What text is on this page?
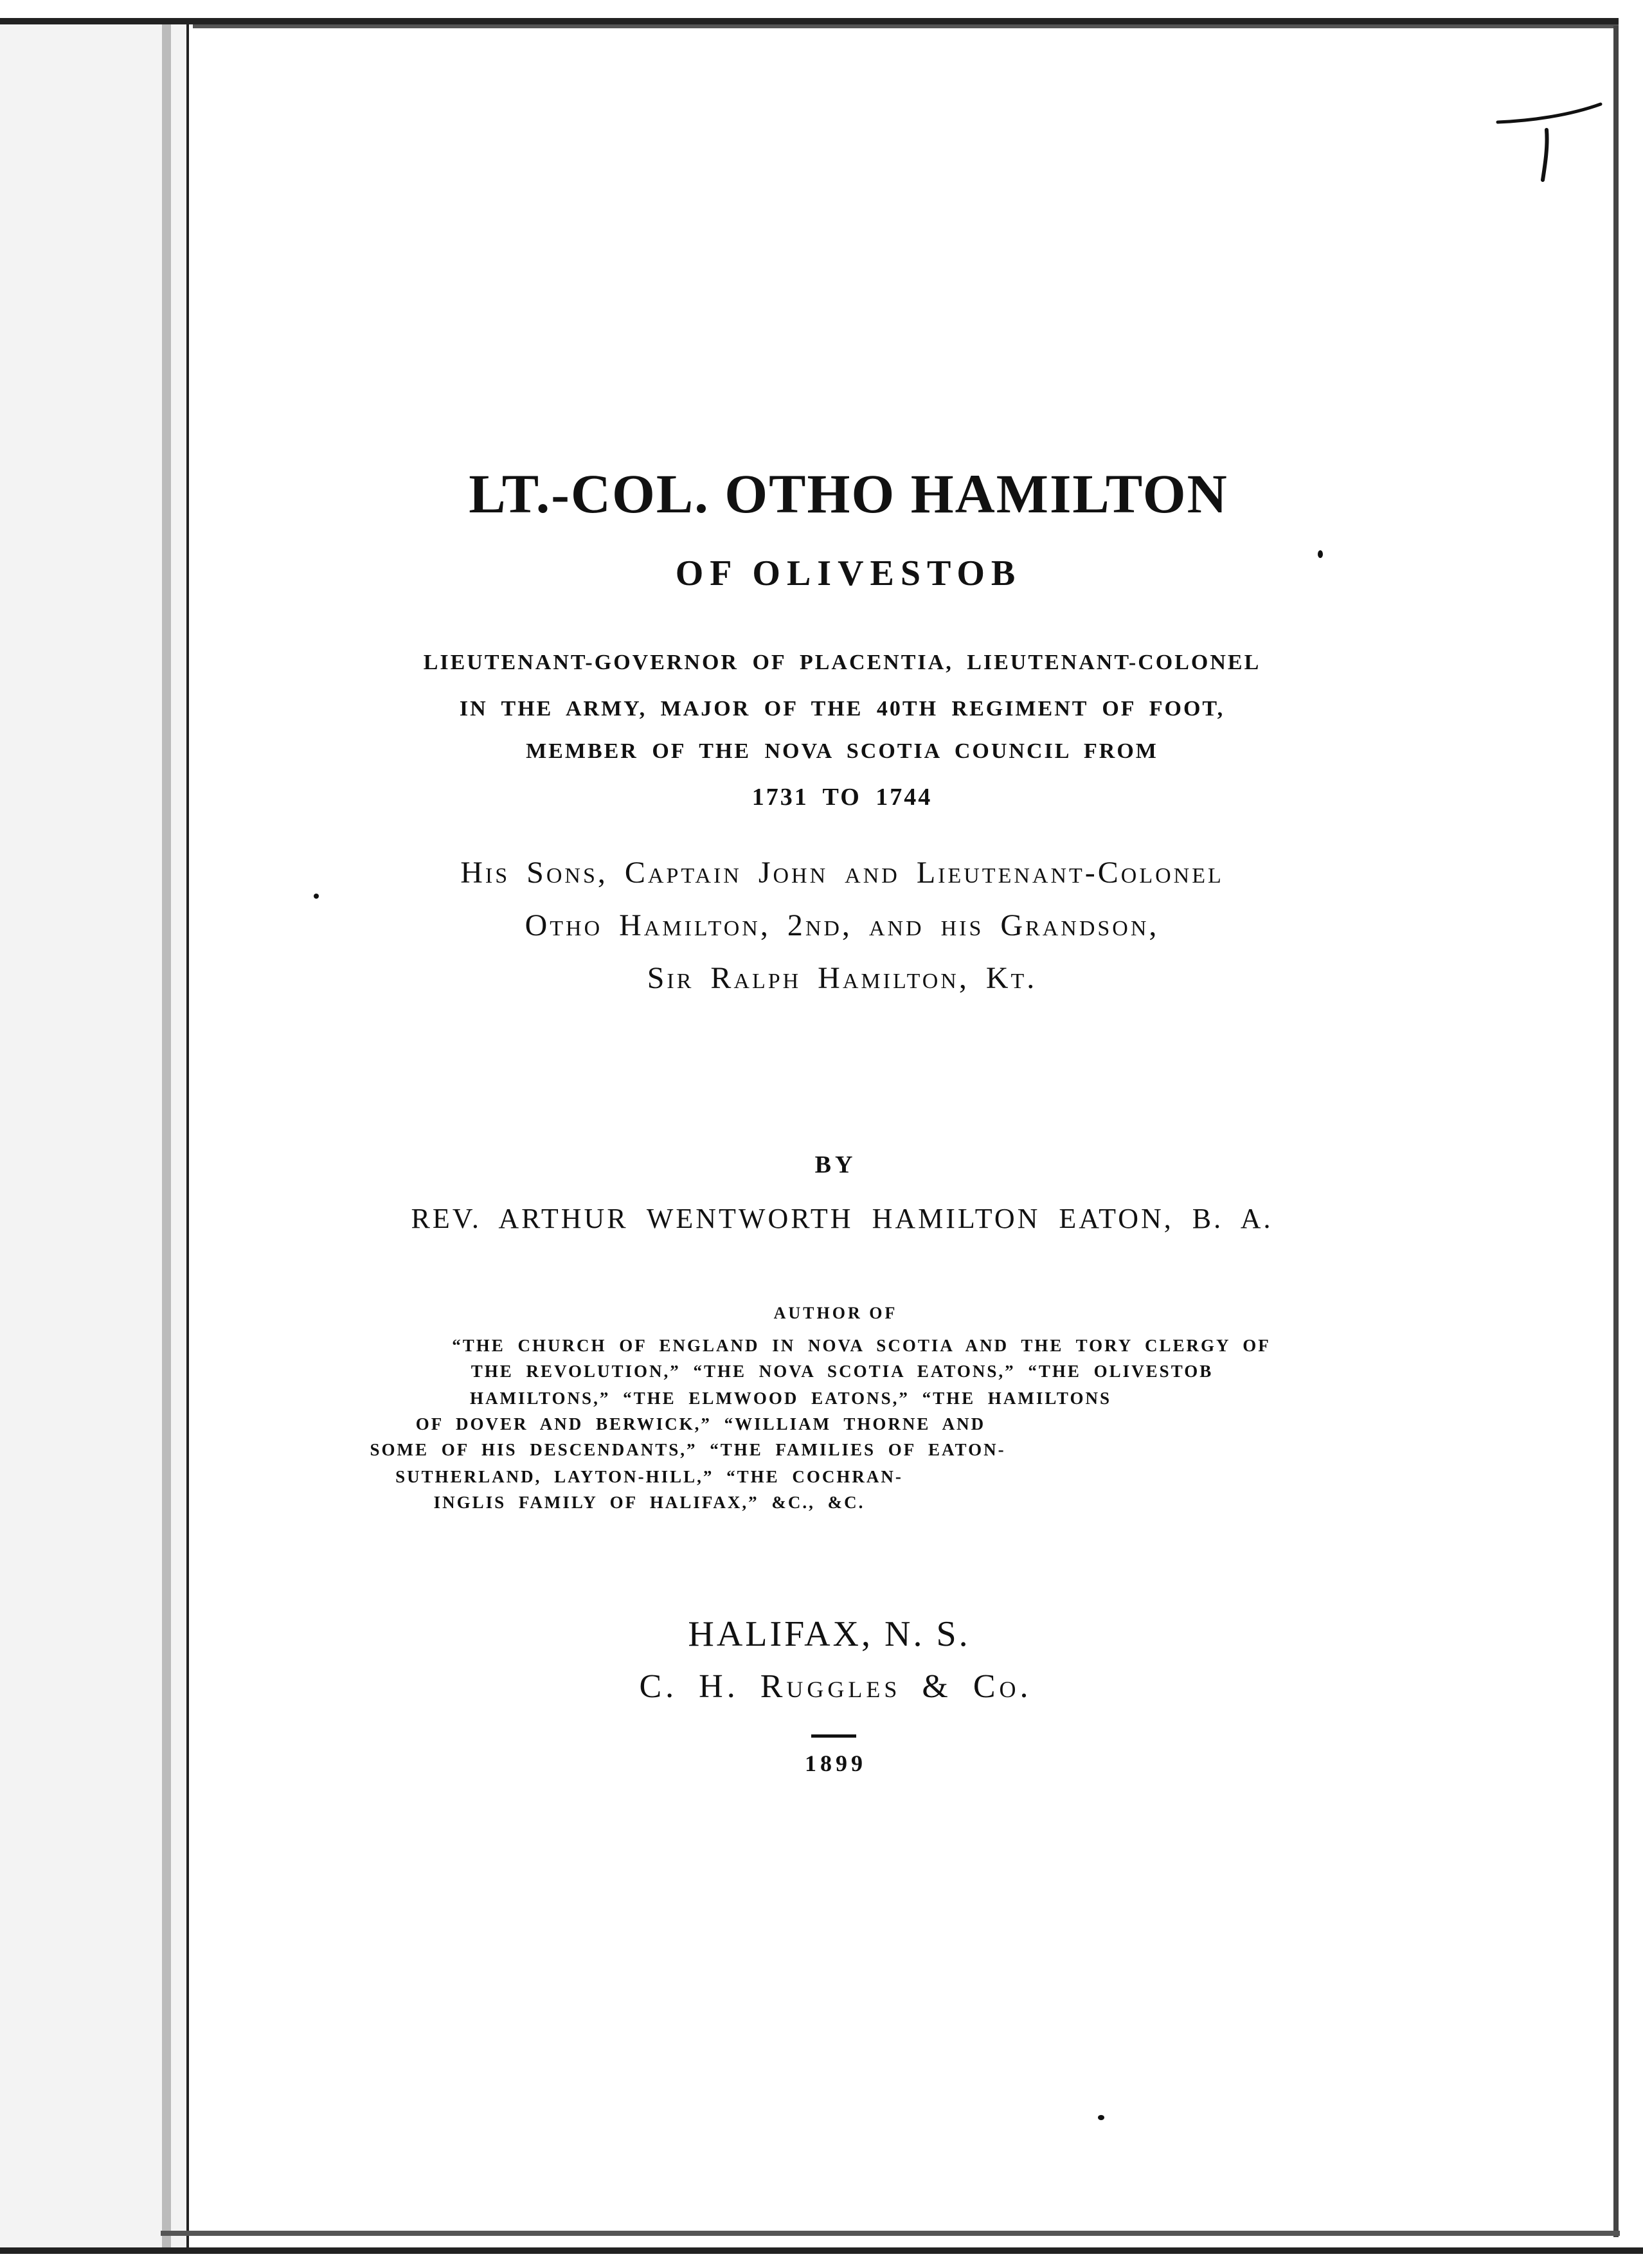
LT.-COL. OTHO HAMILTON
OF OLIVESTOB
LIEUTENANT-GOVERNOR OF PLACENTIA, LIEUTENANT-COLONEL
IN THE ARMY, MAJOR OF THE 40TH REGIMENT OF FOOT,
MEMBER OF THE NOVA SCOTIA COUNCIL FROM
1731 TO 1744
His Sons, Captain John and Lieutenant-Colonel
Otho Hamilton, 2nd, and his Grandson,
Sir Ralph Hamilton, Kt.
BY
REV. ARTHUR WENTWORTH HAMILTON EATON, B. A.
AUTHOR OF
“THE CHURCH OF ENGLAND IN NOVA SCOTIA AND THE TORY CLERGY OF
THE REVOLUTION,” “THE NOVA SCOTIA EATONS,” “THE OLIVESTOB
HAMILTONS,” “THE ELMWOOD EATONS,” “THE HAMILTONS
OF DOVER AND BERWICK,” “WILLIAM THORNE AND
SOME OF HIS DESCENDANTS,” “THE FAMILIES OF EATON-
SUTHERLAND, LAYTON-HILL,” “THE COCHRAN-
INGLIS FAMILY OF HALIFAX,” &C., &C.
HALIFAX, N. S.
C. H. Ruggles & Co.
1899
